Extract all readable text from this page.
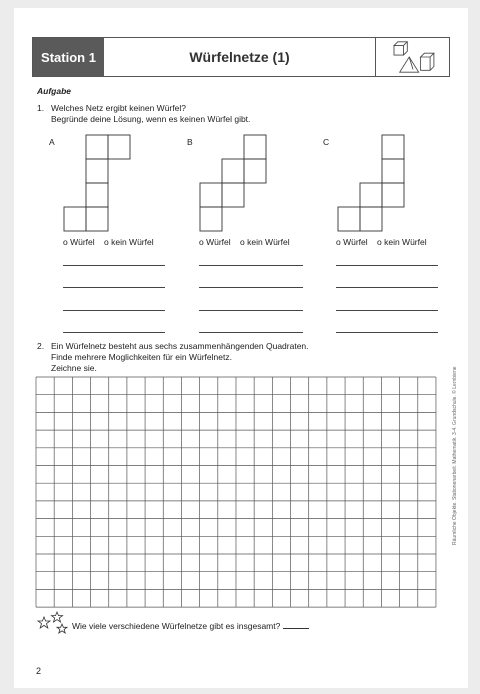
Station 1	Würfelnetze (1)
Aufgabe
1. Welches Netz ergibt keinen Würfel?
Begründe deine Lösung, wenn es keinen Würfel gibt.
A	B	C
o Würfel o kein Würfel	o Würfel o kein Würfel	o Würfel o kein Würfel
2. Ein Würfelnetz besteht aus sechs zusammenhängenden Quadraten.
Finde mehrere Moglichkeiten für ein Würfelnetz.
Zeichne sie.
Wie viele verschiedene Würfelnetze gibt es insgesamt?
2
Räumliche Objekte. Stationenarbeit. Mathematik. 3-4. Grundschule. © Lernbiene
